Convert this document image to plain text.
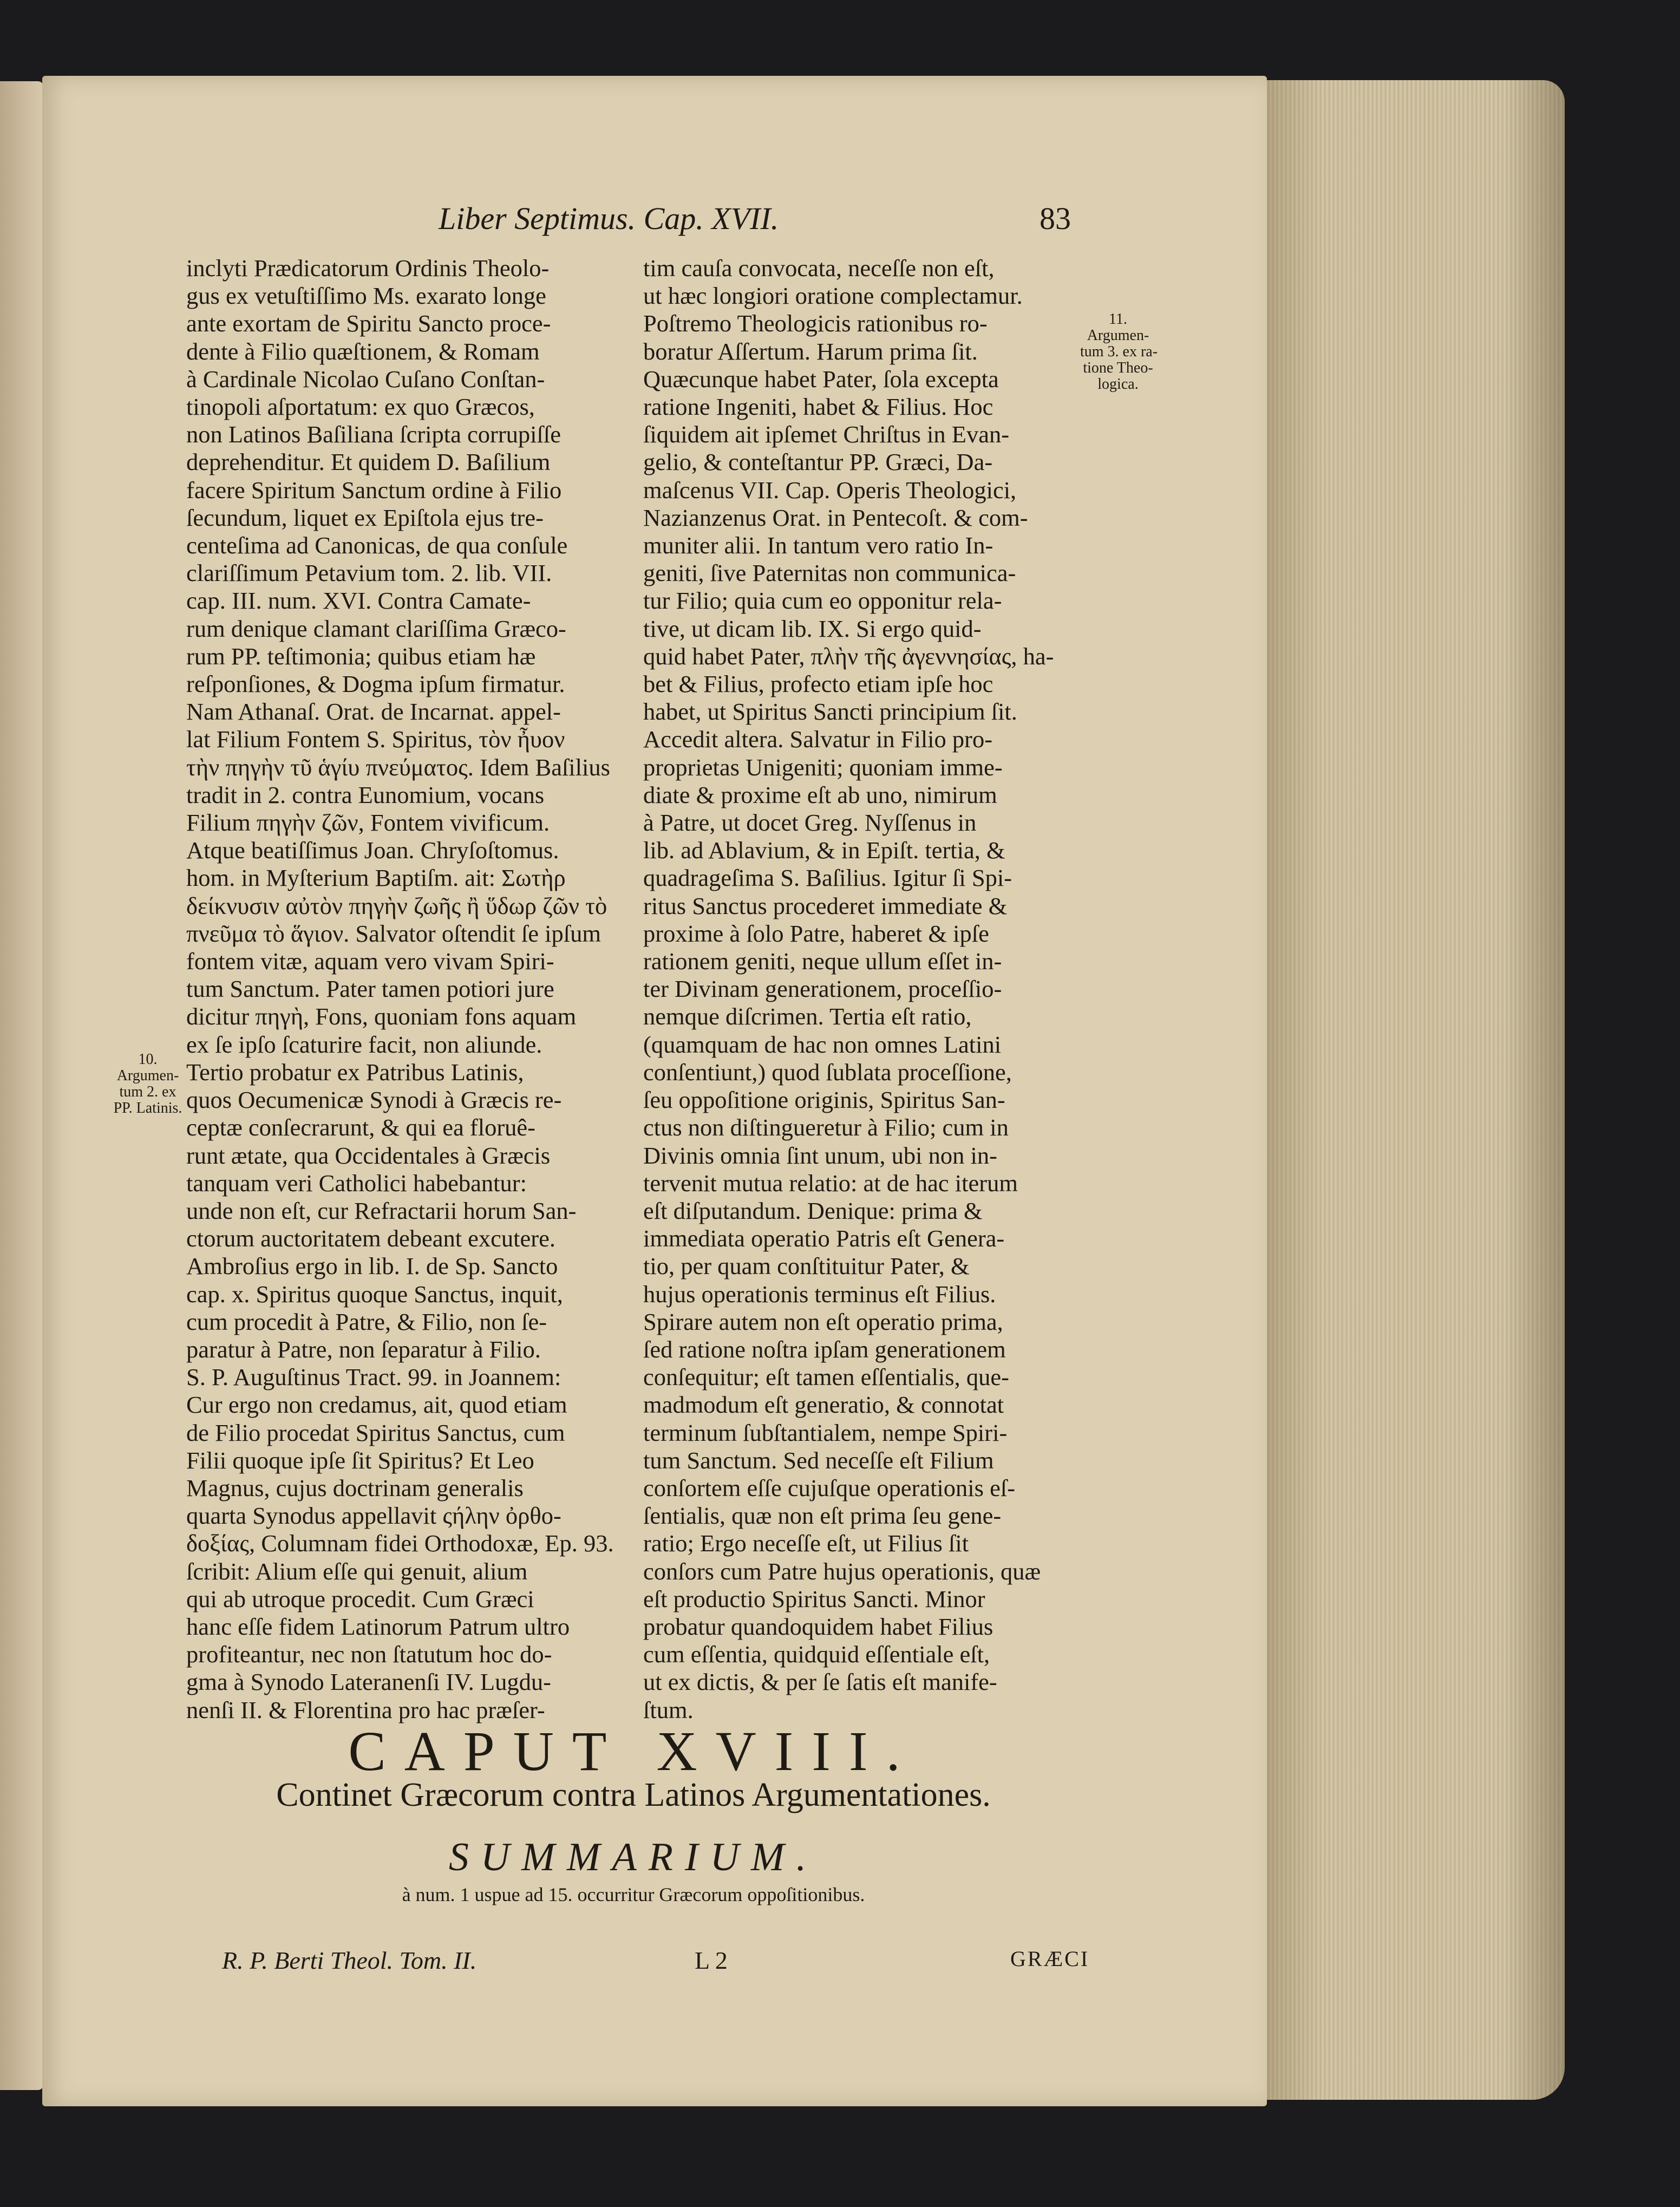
Liber Septimus. Cap. XVII.	83
inclyti Prædicatorum Ordinis Theolo-
gus ex vetuſtiſſimo Ms. exarato longe
ante exortam de Spiritu Sancto proce-
dente à Filio quæſtionem, & Romam
à Cardinale Nicolao Cuſano Conſtan-
tinopoli aſportatum: ex quo Græcos,
non Latinos Baſiliana ſcripta corrupiſſe
deprehenditur. Et quidem D. Baſilium
facere Spiritum Sanctum ordine à Filio
ſecundum, liquet ex Epiſtola ejus tre-
centeſima ad Canonicas, de qua conſule
clariſſimum Petavium tom. 2. lib. VII.
cap. III. num. XVI. Contra Camate-
rum denique clamant clariſſima Græco-
rum PP. teſtimonia; quibus etiam hæ
reſponſiones, & Dogma ipſum firmatur.
Nam Athanaſ. Orat. de Incarnat. appel-
lat Filium Fontem S. Spiritus, τὸν ἦυον
τὴν πηγὴν τῦ ἁγίυ πνεύματος. Idem Baſilius
tradit in 2. contra Eunomium, vocans
Filium πηγὴν ζῶν, Fontem vivificum.
Atque beatiſſimus Joan. Chryſoſtomus.
hom. in Myſterium Baptiſm. ait: Σωτὴρ
δείκνυσιν αὐτὸν πηγὴν ζωῆς ἢ ὕδωρ ζῶν τὸ
πνεῦμα τὸ ἅγιον. Salvator oſtendit ſe ipſum
fontem vitæ, aquam vero vivam Spiri-
tum Sanctum. Pater tamen potiori jure
dicitur πηγὴ, Fons, quoniam fons aquam
ex ſe ipſo ſcaturire facit, non aliunde.
Tertio probatur ex Patribus Latinis,
quos Oecumenicæ Synodi à Græcis re-
ceptæ conſecrarunt, & qui ea floruê-
runt ætate, qua Occidentales à Græcis
tanquam veri Catholici habebantur:
unde non eſt, cur Refractarii horum San-
ctorum auctoritatem debeant excutere.
Ambroſius ergo in lib. I. de Sp. Sancto
cap. x. Spiritus quoque Sanctus, inquit,
cum procedit à Patre, & Filio, non ſe-
paratur à Patre, non ſeparatur à Filio.
S. P. Auguſtinus Tract. 99. in Joannem:
Cur ergo non credamus, ait, quod etiam
de Filio procedat Spiritus Sanctus, cum
Filii quoque ipſe ſit Spiritus? Et Leo
Magnus, cujus doctrinam generalis
quarta Synodus appellavit ςήλην ὀρθο-
δοξίας, Columnam fidei Orthodoxæ, Ep. 93.
ſcribit: Alium eſſe qui genuit, alium
qui ab utroque procedit. Cum Græci
hanc eſſe fidem Latinorum Patrum ultro
profiteantur, nec non ſtatutum hoc do-
gma à Synodo Lateranenſi IV. Lugdu-
nenſi II. & Florentina pro hac præſer-
tim cauſa convocata, neceſſe non eſt,
ut hæc longiori oratione complectamur.
Poſtremo Theologicis rationibus ro-
boratur Aſſertum. Harum prima ſit.
Quæcunque habet Pater, ſola excepta
ratione Ingeniti, habet & Filius. Hoc
ſiquidem ait ipſemet Chriſtus in Evan-
gelio, & conteſtantur PP. Græci, Da-
maſcenus VII. Cap. Operis Theologici,
Nazianzenus Orat. in Pentecoſt. & com-
muniter alii. In tantum vero ratio In-
geniti, ſive Paternitas non communica-
tur Filio; quia cum eo opponitur rela-
tive, ut dicam lib. IX. Si ergo quid-
quid habet Pater, πλὴν τῆς ἀγεννησίας, ha-
bet & Filius, profecto etiam ipſe hoc
habet, ut Spiritus Sancti principium ſit.
Accedit altera. Salvatur in Filio pro-
proprietas Unigeniti; quoniam imme-
diate & proxime eſt ab uno, nimirum
à Patre, ut docet Greg. Nyſſenus in
lib. ad Ablavium, & in Epiſt. tertia, &
quadrageſima S. Baſilius. Igitur ſi Spi-
ritus Sanctus procederet immediate &
proxime à ſolo Patre, haberet & ipſe
rationem geniti, neque ullum eſſet in-
ter Divinam generationem, proceſſio-
nemque diſcrimen. Tertia eſt ratio,
(quamquam de hac non omnes Latini
conſentiunt,) quod ſublata proceſſione,
ſeu oppoſitione originis, Spiritus San-
ctus non diſtingueretur à Filio; cum in
Divinis omnia ſint unum, ubi non in-
tervenit mutua relatio: at de hac iterum
eſt diſputandum. Denique: prima &
immediata operatio Patris eſt Genera-
tio, per quam conſtituitur Pater, &
hujus operationis terminus eſt Filius.
Spirare autem non eſt operatio prima,
ſed ratione noſtra ipſam generationem
conſequitur; eſt tamen eſſentialis, que-
madmodum eſt generatio, & connotat
terminum ſubſtantialem, nempe Spiri-
tum Sanctum. Sed neceſſe eſt Filium
conſortem eſſe cujuſque operationis eſ-
ſentialis, quæ non eſt prima ſeu gene-
ratio; Ergo neceſſe eſt, ut Filius ſit
conſors cum Patre hujus operationis, quæ
eſt productio Spiritus Sancti. Minor
probatur quandoquidem habet Filius
cum eſſentia, quidquid eſſentiale eſt,
ut ex dictis, & per ſe ſatis eſt manife-
ſtum.
10.
Argumen-
tum 2. ex
PP. Latinis.
11.
Argumen-
tum 3. ex ra-
tione Theo-
logica.
CAPUT XVIII.
Continet Græcorum contra Latinos Argumentationes.
SUMMARIUM.
à num. 1 uspue ad 15. occurritur Græcorum oppoſitionibus.
R. P. Berti Theol. Tom. II.	L 2	GRÆCI
